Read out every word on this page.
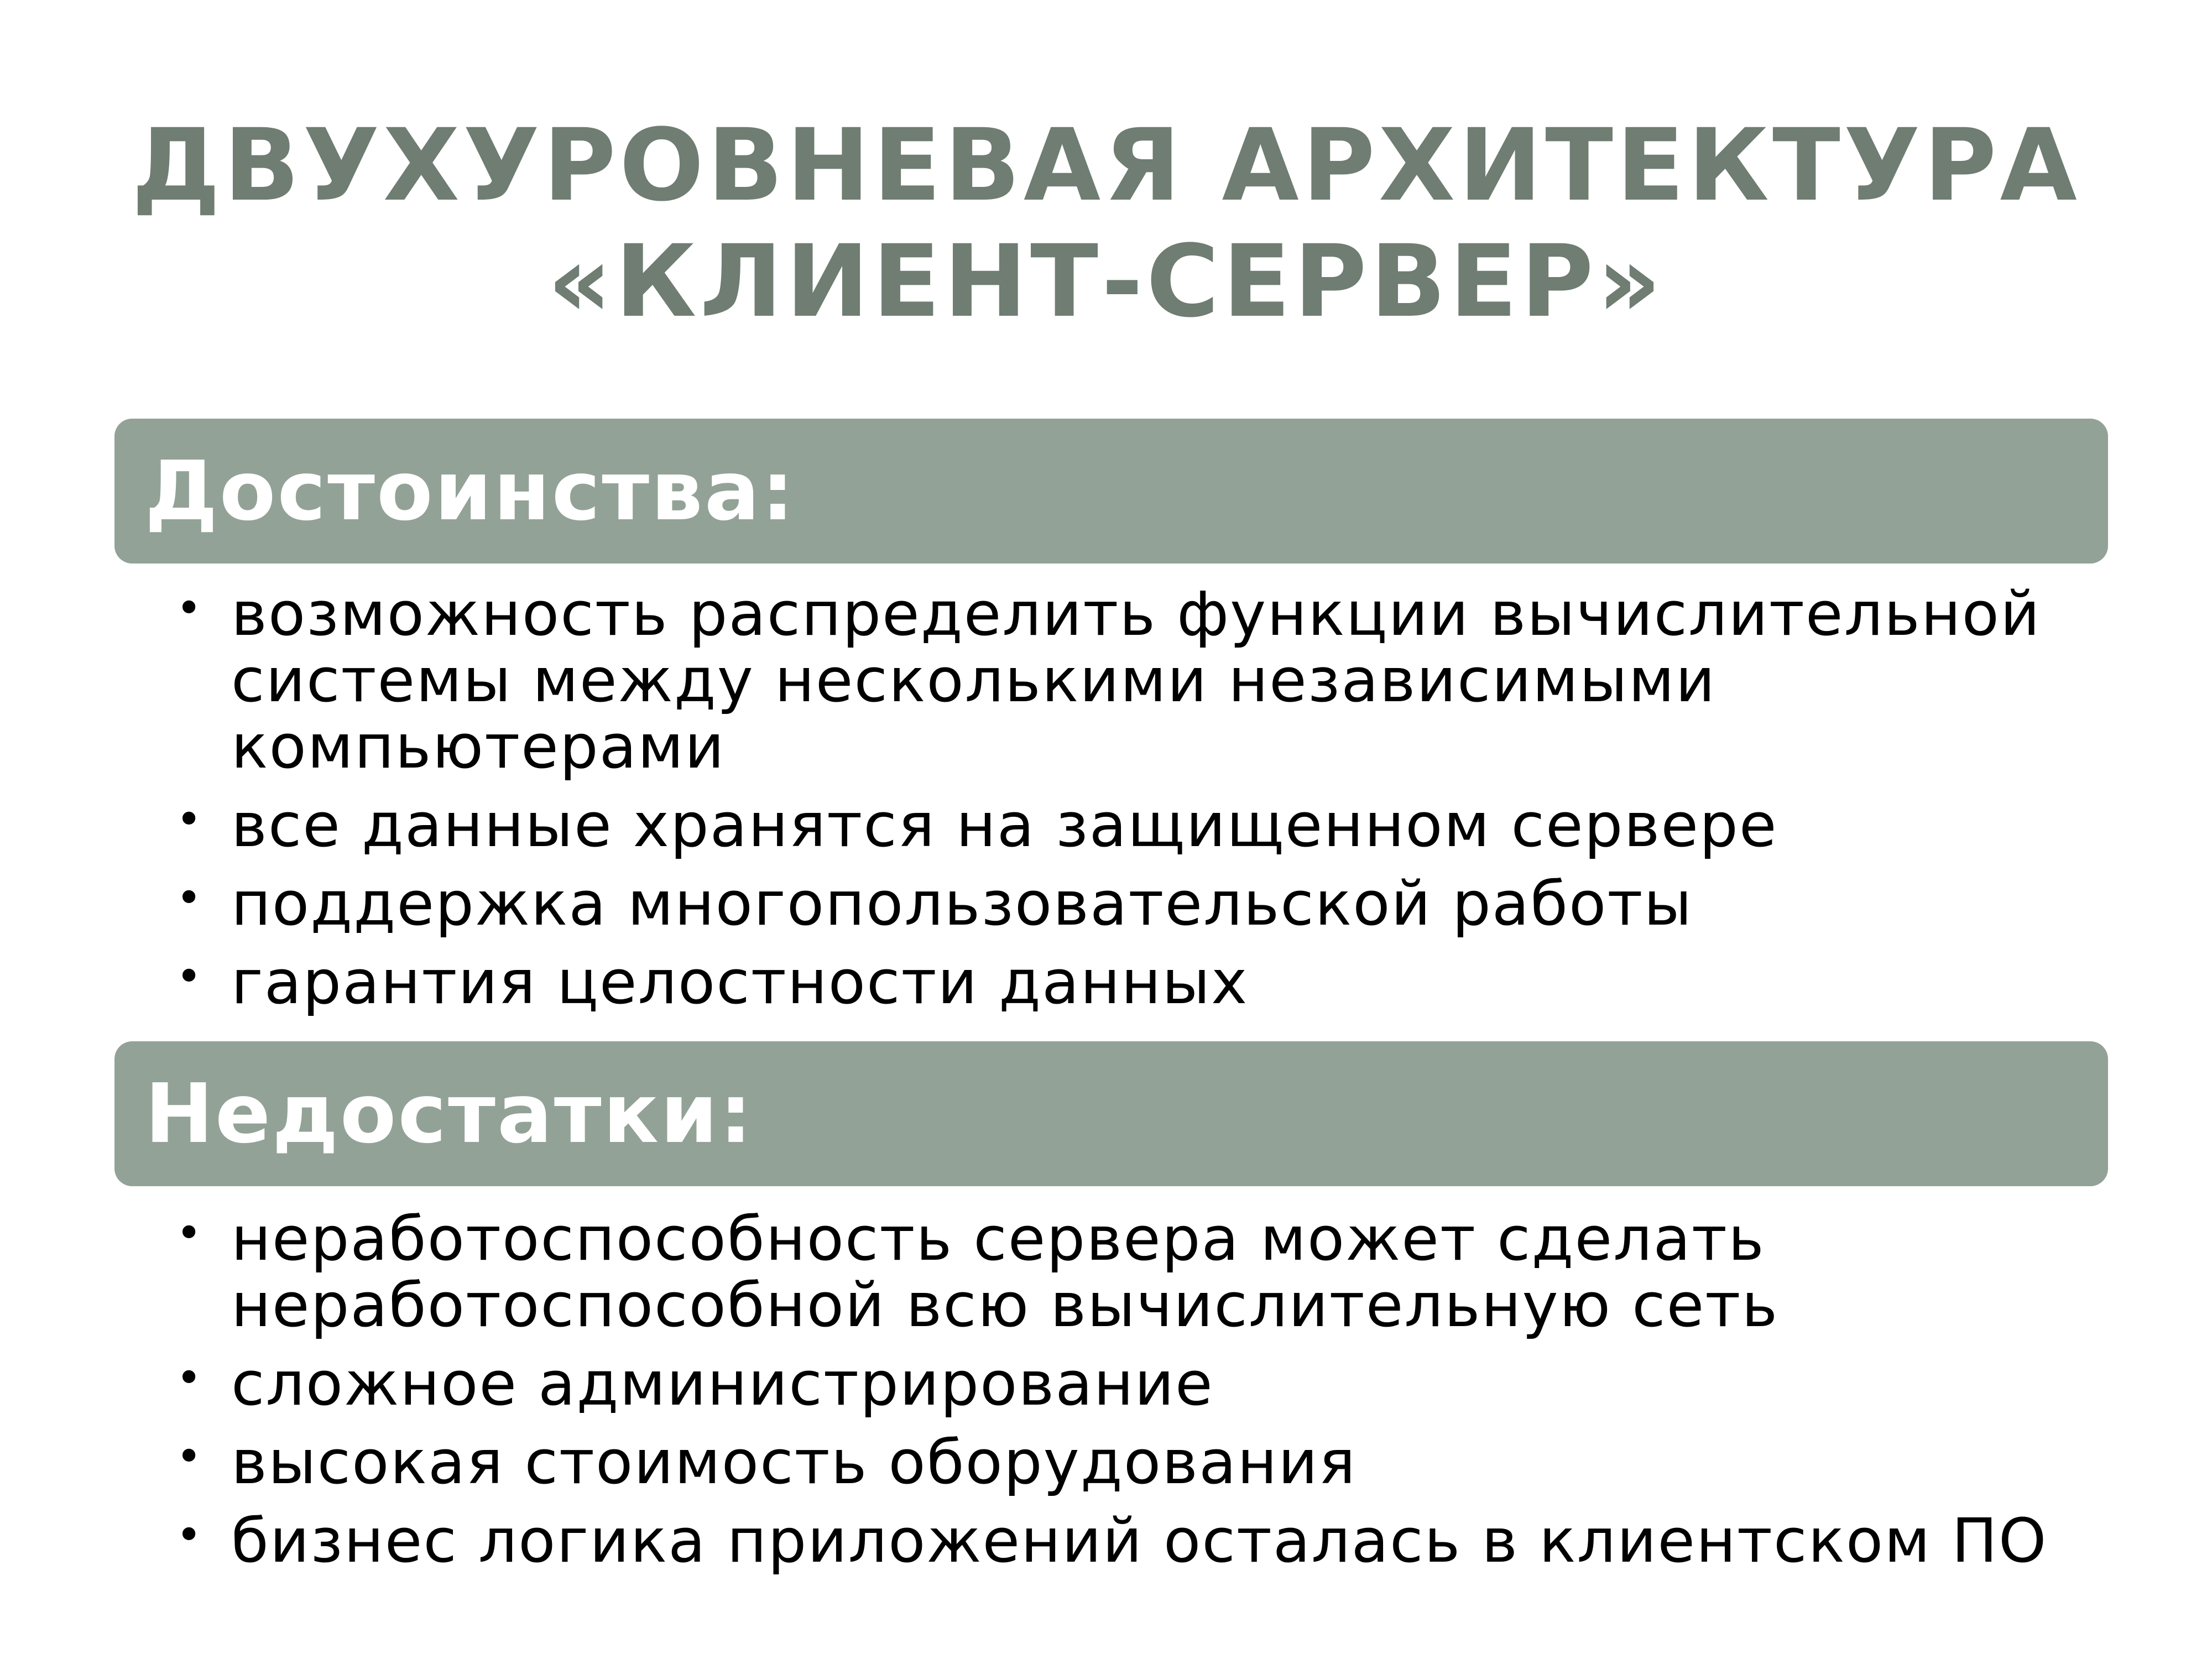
ДВУХУРОВНЕВАЯ АРХИТЕКТУРА
«КЛИЕНТ-СЕРВЕР»
Достоинства:
• возможность распределить функции вычислительной
системы между несколькими независимыми
компьютерами
• все данные хранятся на защищенном сервере
• поддержка многопользовательской работы
• гарантия целостности данных
Недостатки:
• неработоспособность сервера может сделать
неработоспособной всю вычислительную сеть
• сложное администрирование
• высокая стоимость оборудования
• бизнес логика приложений осталась в клиентском ПО
